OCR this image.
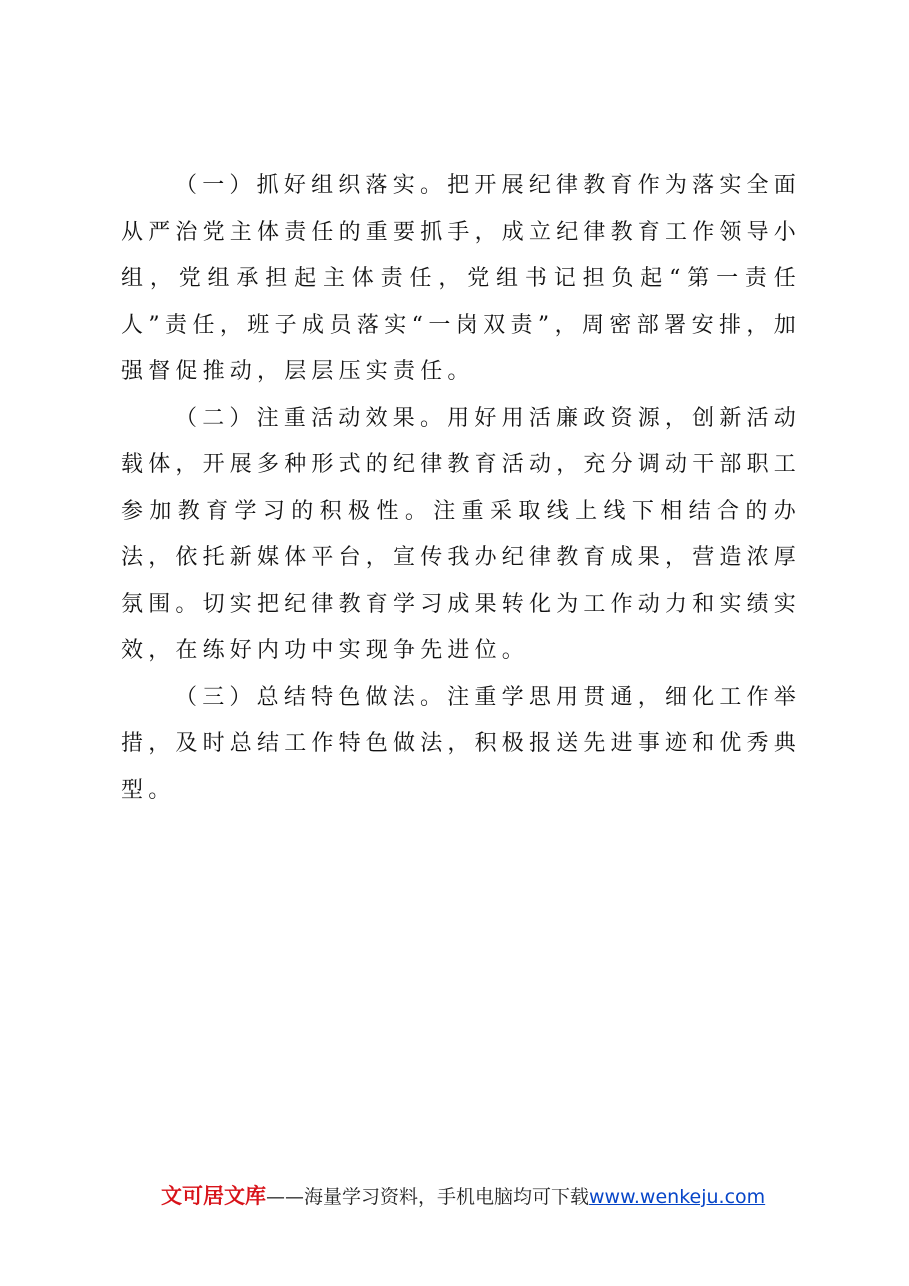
（一）抓好组织落实。把开展纪律教育作为落实全面从严治党主体责任的重要抓手，成立纪律教育工作领导小组，党组承担起主体责任，党组书记担负起“第一责任人”责任，班子成员落实“一岗双责”，周密部署安排，加强督促推动，层层压实责任。

（二）注重活动效果。用好用活廉政资源，创新活动载体，开展多种形式的纪律教育活动，充分调动干部职工参加教育学习的积极性。注重采取线上线下相结合的办法，依托新媒体平台，宣传我办纪律教育成果，营造浓厚氛围。切实把纪律教育学习成果转化为工作动力和实绩实效，在练好内功中实现争先进位。

（三）总结特色做法。注重学思用贯通，细化工作举措，及时总结工作特色做法，积极报送先进事迹和优秀典型。

文可居文库——海量学习资料，手机电脑均可下载www.wenkeju.com
